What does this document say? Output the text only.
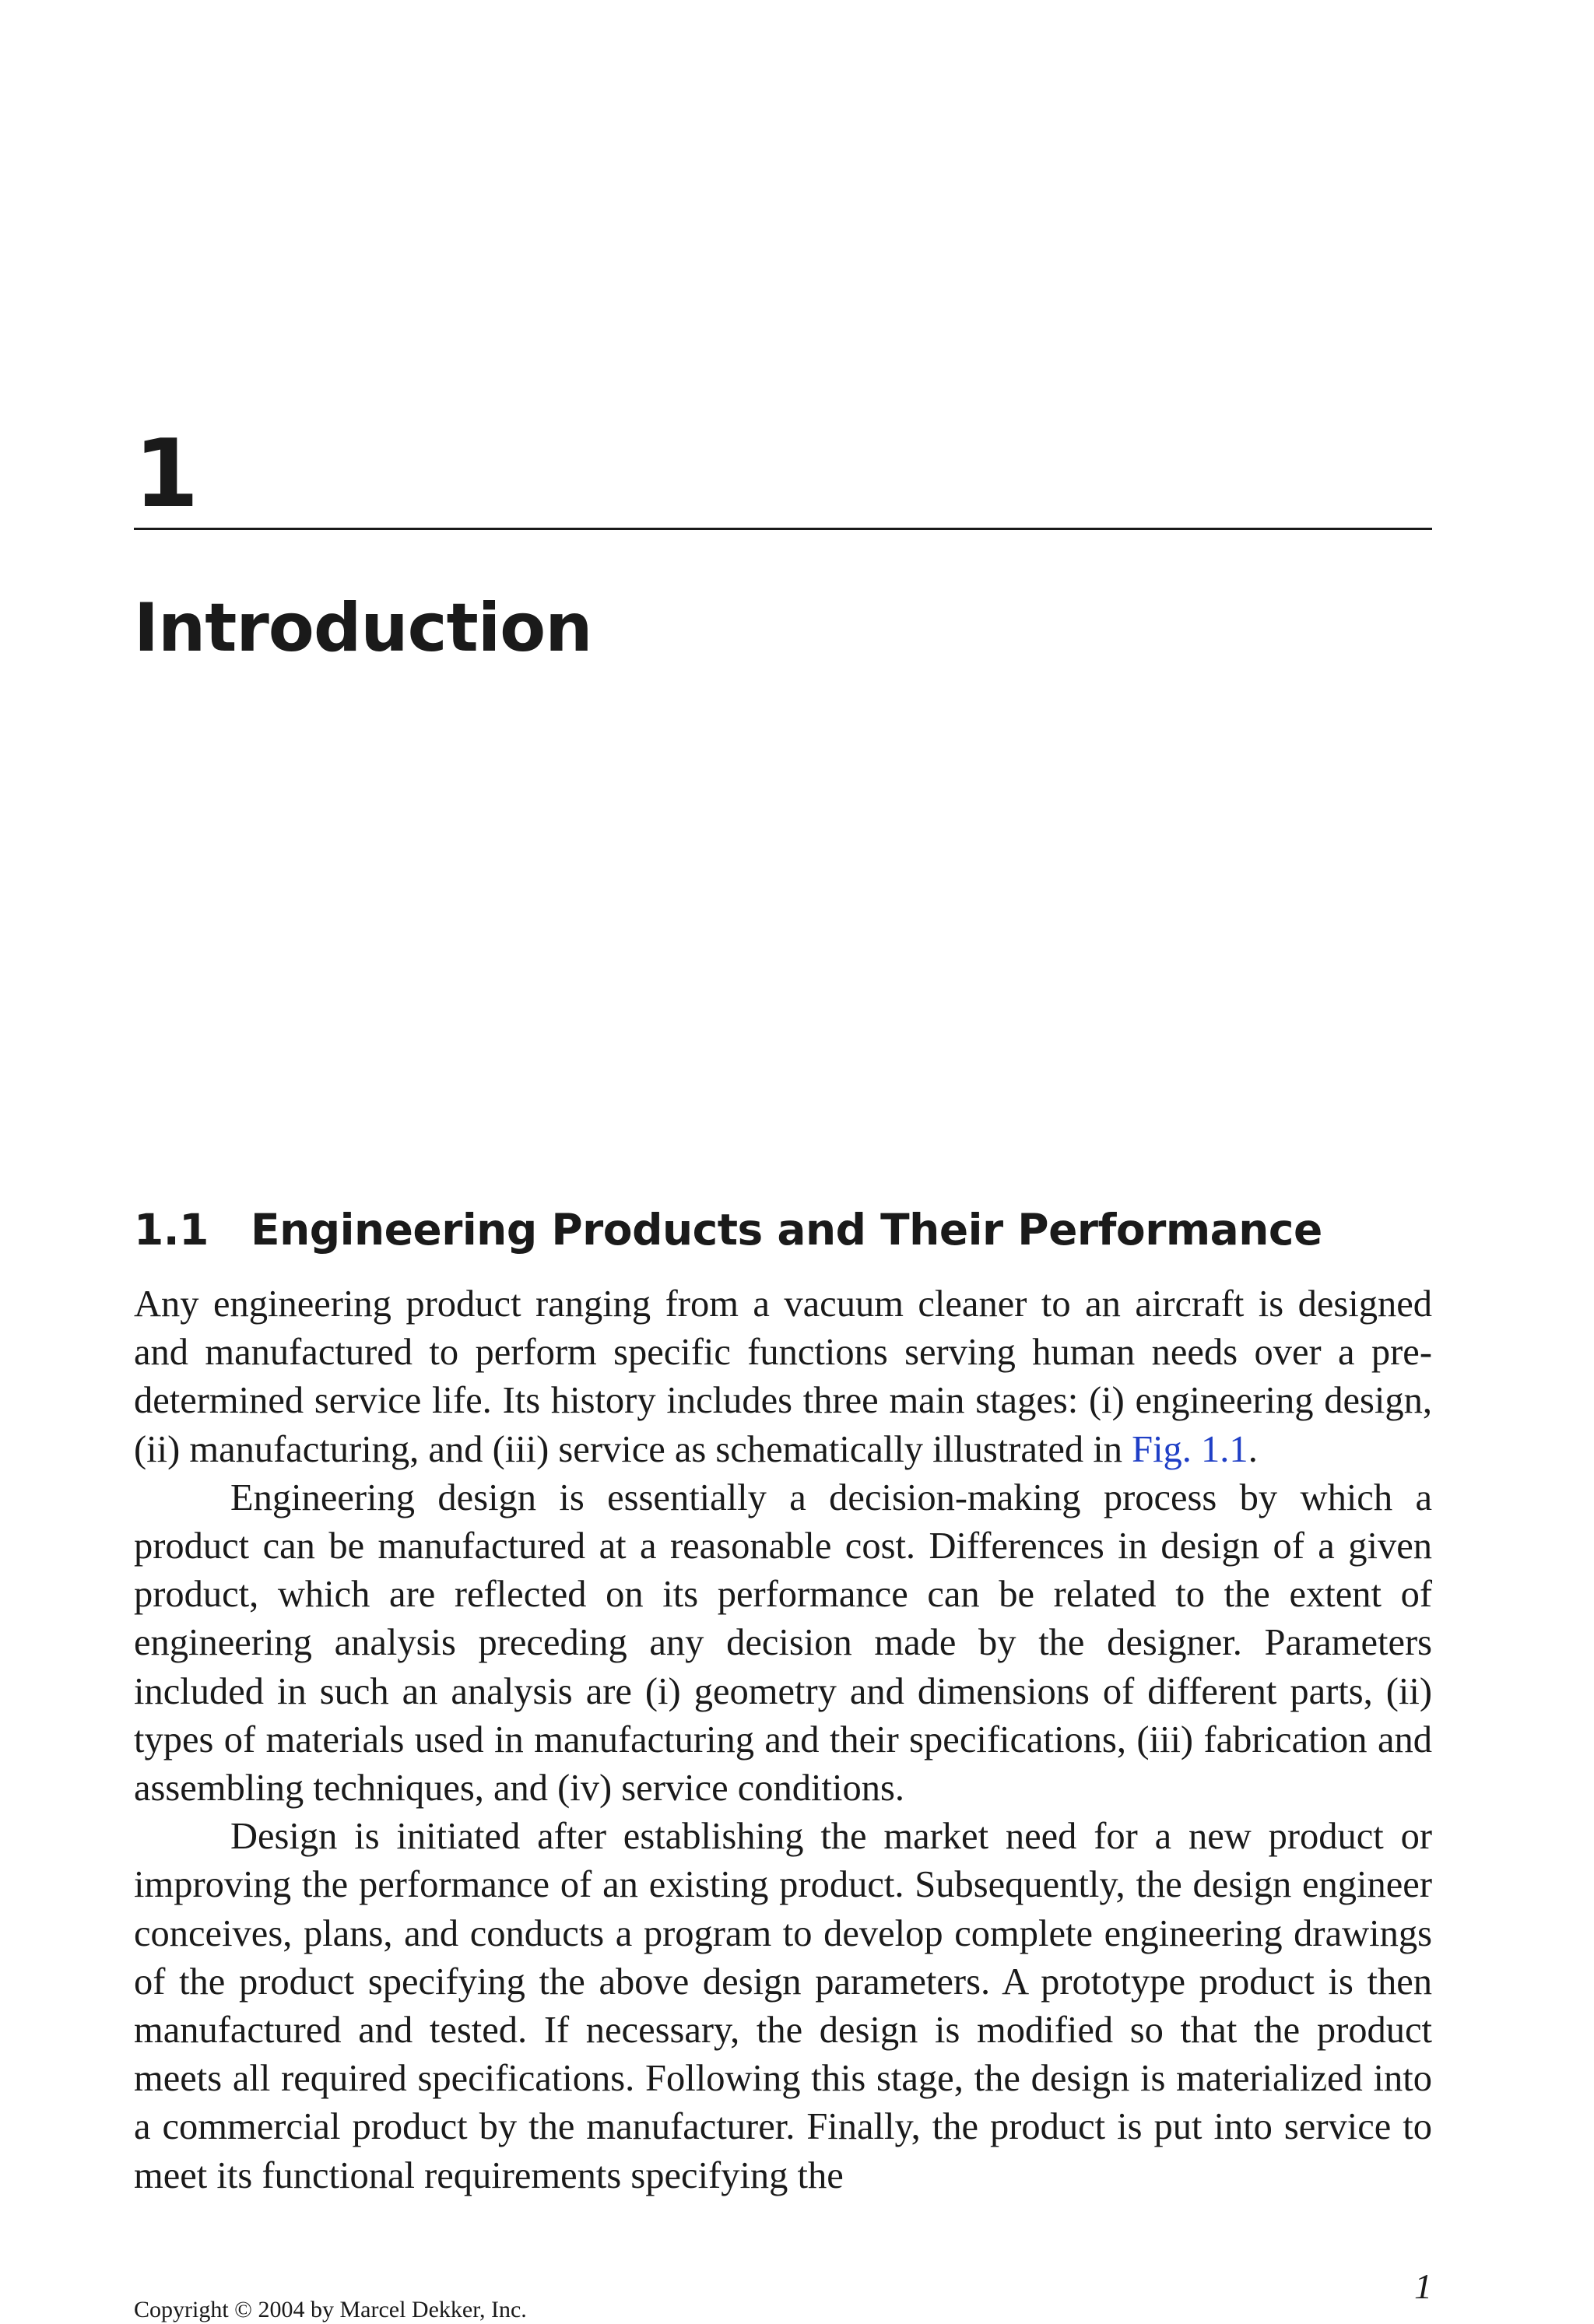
1
Introduction
1.1 Engineering Products and Their Performance

Any engineering product ranging from a vacuum cleaner to an aircraft is designed and manufactured to perform specific functions serving human needs over a predetermined service life. Its history includes three main stages: (i) engineering design, (ii) manufacturing, and (iii) service as schematically illustrated in Fig. 1.1.

Engineering design is essentially a decision-making process by which a product can be manufactured at a reasonable cost. Differences in design of a given product, which are reflected on its performance can be related to the extent of engineering analysis preceding any decision made by the designer. Parameters included in such an analysis are (i) geometry and dimensions of different parts, (ii) types of materials used in manufacturing and their specifications, (iii) fabrication and assembling techniques, and (iv) service conditions.

Design is initiated after establishing the market need for a new product or improving the performance of an existing product. Subsequently, the design engineer conceives, plans, and conducts a program to develop complete engineering drawings of the product specifying the above design parameters. A prototype product is then manufactured and tested. If necessary, the design is modified so that the product meets all required specifications. Following this stage, the design is materialized into a commercial product by the manufacturer. Finally, the product is put into service to meet its functional requirements specifying the

1

Copyright © 2004 by Marcel Dekker, Inc.
